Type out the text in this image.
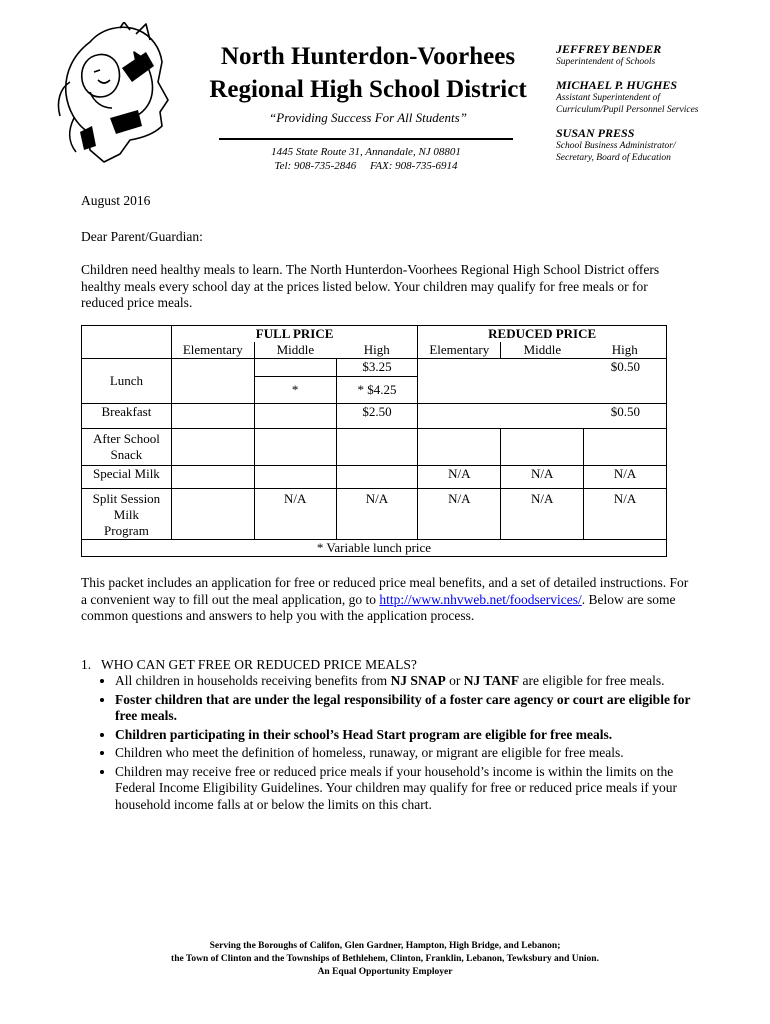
North Hunterdon-Voorhees
Regional High School District
“Providing Success For All Students”
1445 State Route 31, Annandale, NJ 08801
Tel: 908-735-2846     FAX: 908-735-6914
JEFFREY BENDER
Superintendent of Schools
MICHAEL P. HUGHES
Assistant Superintendent of
Curriculum/Pupil Personnel Services
SUSAN PRESS
School Business Administrator/
Secretary, Board of Education
August 2016
Dear Parent/Guardian:
Children need healthy meals to learn. The North Hunterdon-Voorhees Regional High School District offers healthy meals every school day at the prices listed below. Your children may qualify for free meals or for reduced price meals.
	FULL PRICE			REDUCED PRICE		
	Elementary	Middle	High	Elementary	Middle	High
Lunch			$3.25			$0.50
		*	* $4.25			
Breakfast			$2.50			$0.50

After School
Snack						

Special Milk				N/A	N/A	N/A

Split Session
Milk
Program		N/A	N/A	N/A	N/A	N/A
* Variable lunch price						
This packet includes an application for free or reduced price meal benefits, and a set of detailed instructions. For a convenient way to fill out the meal application, go to http://www.nhvweb.net/foodservices/. Below are some common questions and answers to help you with the application process.
1.   WHO CAN GET FREE OR REDUCED PRICE MEALS?
• All children in households receiving benefits from NJ SNAP or NJ TANF are eligible for free meals.
• Foster children that are under the legal responsibility of a foster care agency or court are eligible for free meals.
• Children participating in their school’s Head Start program are eligible for free meals.
• Children who meet the definition of homeless, runaway, or migrant are eligible for free meals.
• Children may receive free or reduced price meals if your household’s income is within the limits on the Federal Income Eligibility Guidelines. Your children may qualify for free or reduced price meals if your household income falls at or below the limits on this chart.
Serving the Boroughs of Califon, Glen Gardner, Hampton, High Bridge, and Lebanon;
the Town of Clinton and the Townships of Bethlehem, Clinton, Franklin, Lebanon, Tewksbury and Union.
An Equal Opportunity Employer
